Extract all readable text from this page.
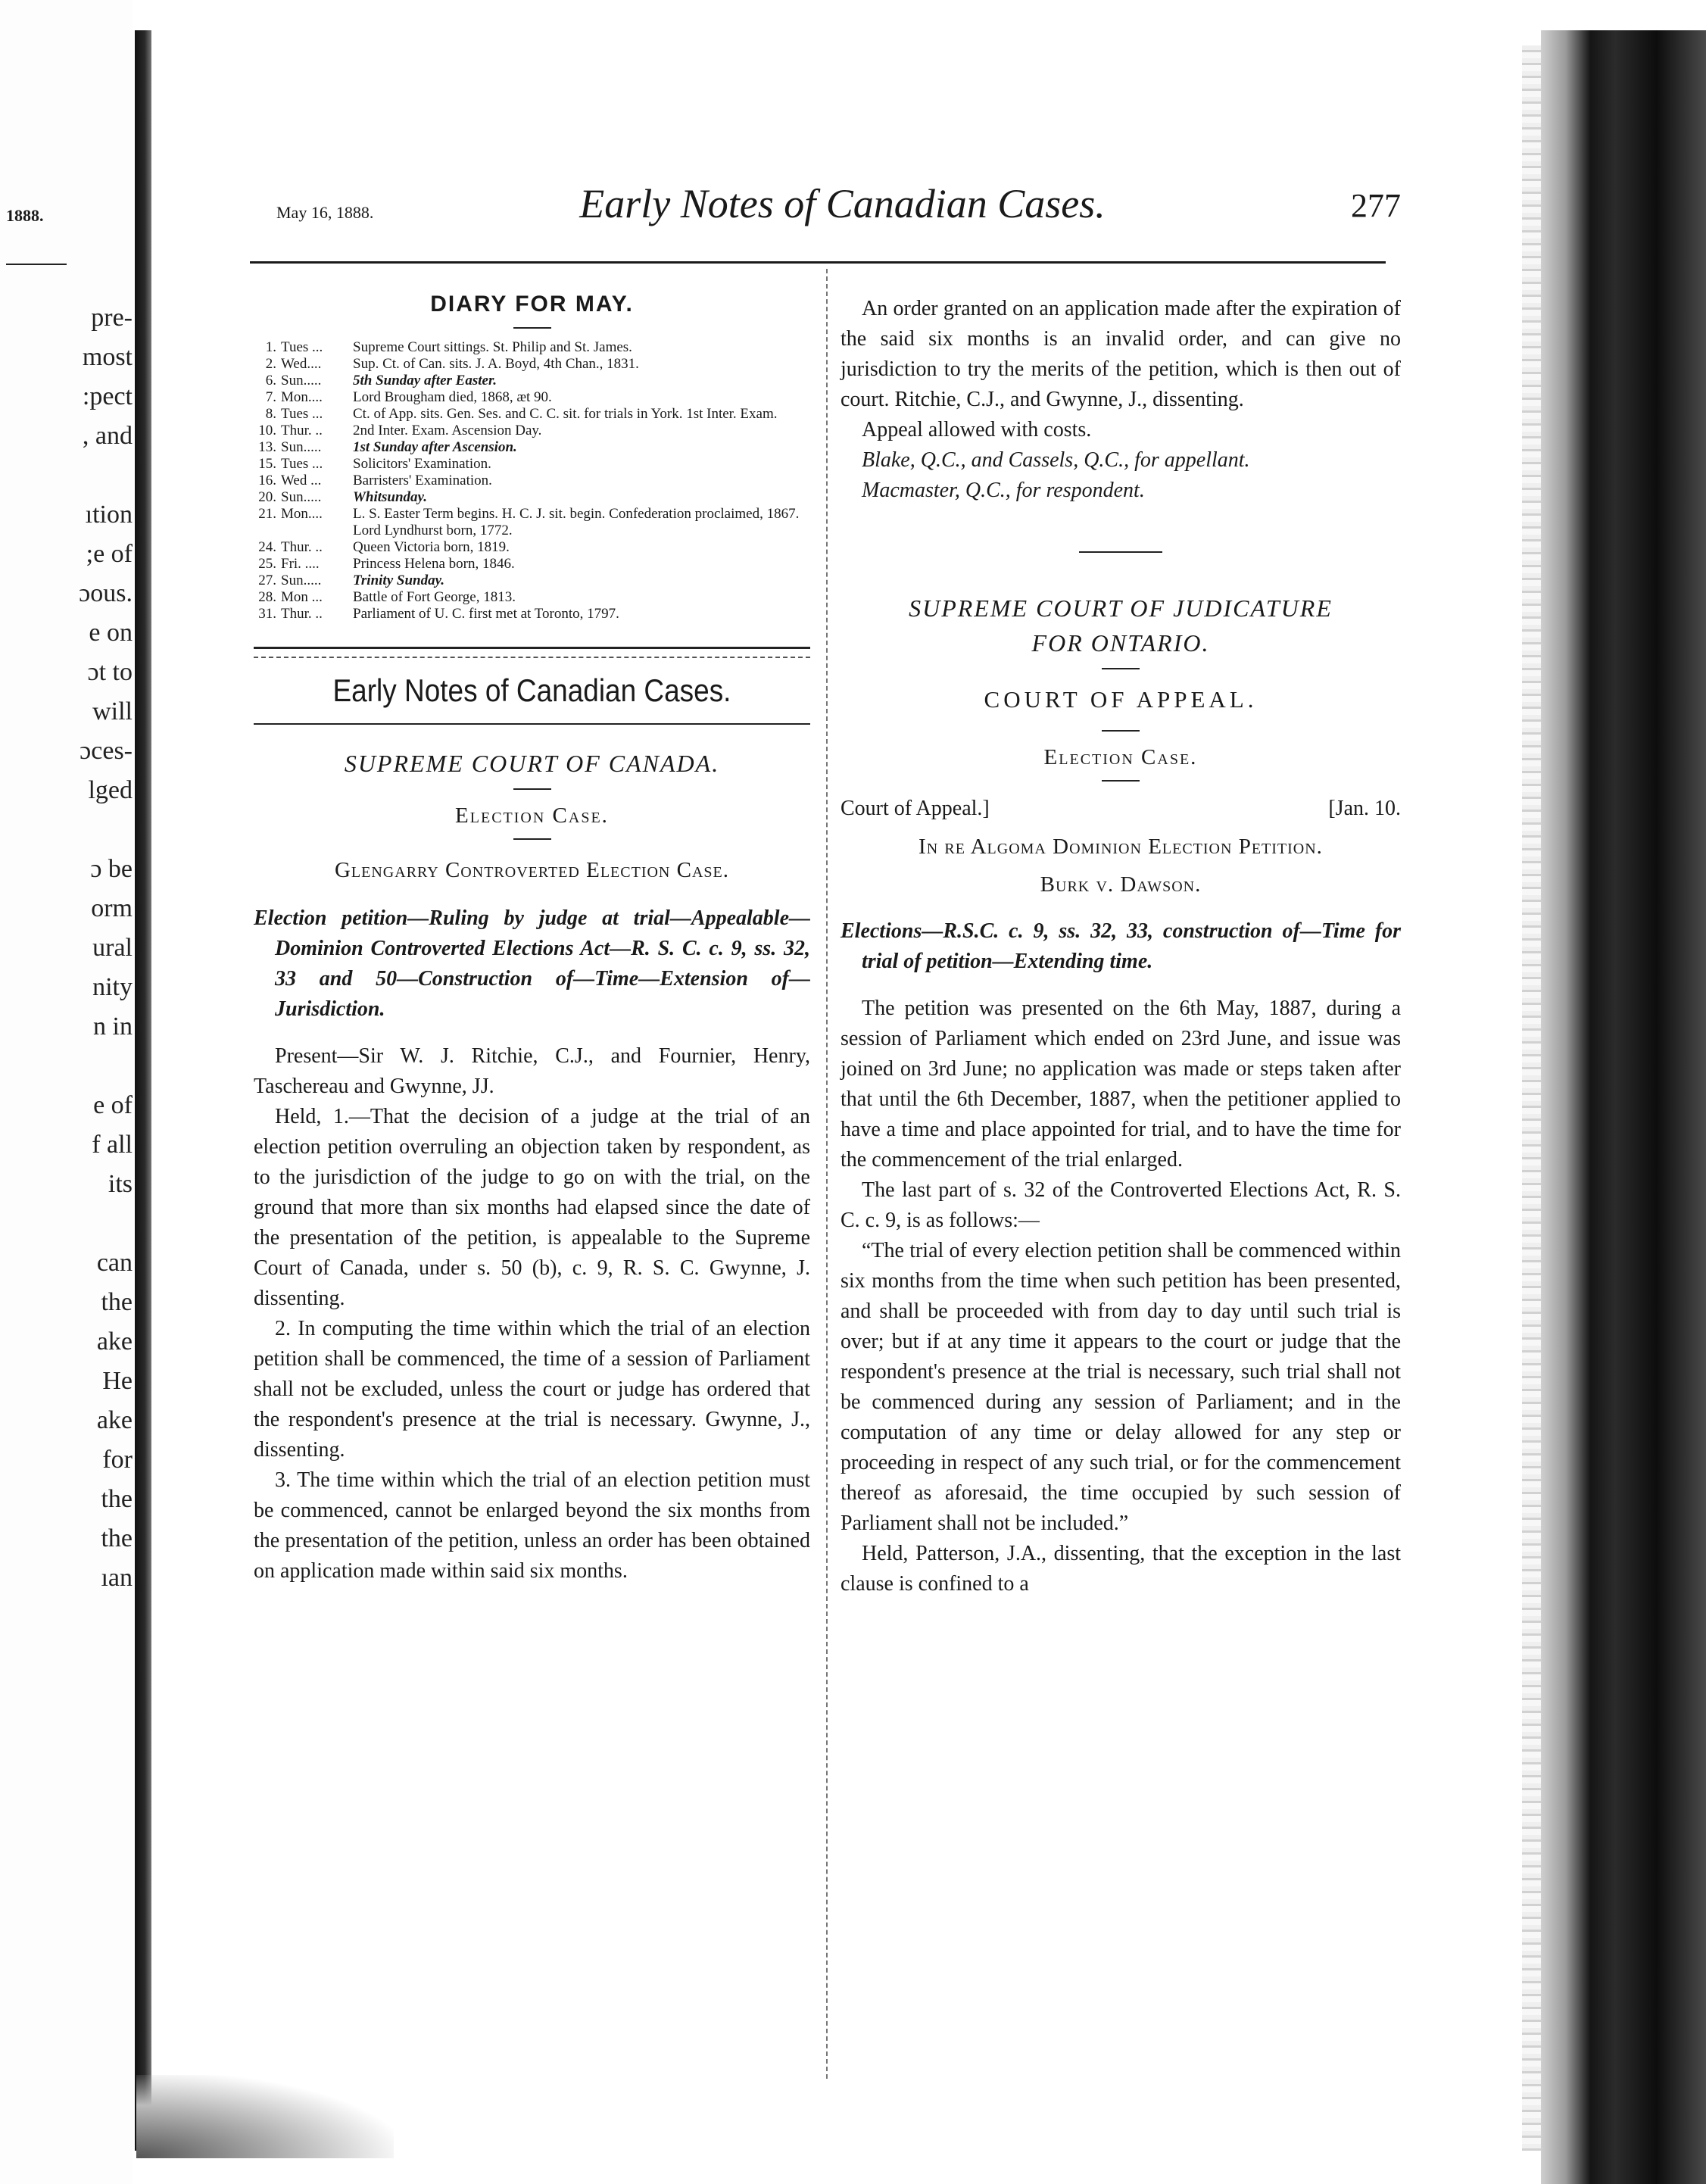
1888.
pre-
most
:pect
, and
ıtion
;e of
ɔous.
e on
ɔt to
will
ɔces-
lged
ɔ be
orm
ural
nity
n in
e of
f all
its
can
the
ake
He
ake
for
the
the
ıan
May 16, 1888.	Early Notes of Canadian Cases.	277
DIARY FOR MAY.
1. Tues ...	Supreme Court sittings. St. Philip and St. James.
2. Wed....	Sup. Ct. of Can. sits. J. A. Boyd, 4th Chan., 1831.
6. Sun.....	5th Sunday after Easter.
7. Mon....	Lord Brougham died, 1868, æt 90.
8. Tues ...	Ct. of App. sits. Gen. Ses. and C. C. sit. for trials in York. 1st Inter. Exam.
10. Thur. ..	2nd Inter. Exam. Ascension Day.
13. Sun.....	1st Sunday after Ascension.
15. Tues ...	Solicitors' Examination.
16. Wed ...	Barristers' Examination.
20. Sun.....	Whitsunday.
21. Mon....	L. S. Easter Term begins. H. C. J. sit. begin. Confederation proclaimed, 1867. Lord Lyndhurst born, 1772.
24. Thur. ..	Queen Victoria born, 1819.
25. Fri. ....	Princess Helena born, 1846.
27. Sun.....	Trinity Sunday.
28. Mon ...	Battle of Fort George, 1813.
31. Thur. ..	Parliament of U. C. first met at Toronto, 1797.
Early Notes of Canadian Cases.
SUPREME COURT OF CANADA.
Election Case.
Glengarry Controverted Election Case.

Election petition—Ruling by judge at trial—Appealable—Dominion Controverted Elections Act—R. S. C. c. 9, ss. 32, 33 and 50—Construction of—Time—Extension of—Jurisdiction.

Present—Sir W. J. Ritchie, C.J., and Fournier, Henry, Taschereau and Gwynne, JJ.

Held, 1.—That the decision of a judge at the trial of an election petition overruling an objection taken by respondent, as to the jurisdiction of the judge to go on with the trial, on the ground that more than six months had elapsed since the date of the presentation of the petition, is appealable to the Supreme Court of Canada, under s. 50 (b), c. 9, R. S. C. Gwynne, J. dissenting.

2. In computing the time within which the trial of an election petition shall be commenced, the time of a session of Parliament shall not be excluded, unless the court or judge has ordered that the respondent's presence at the trial is necessary. Gwynne, J., dissenting.

3. The time within which the trial of an election petition must be commenced, cannot be enlarged beyond the six months from the presentation of the petition, unless an order has been obtained on application made within said six months.

An order granted on an application made after the expiration of the said six months is an invalid order, and can give no jurisdiction to try the merits of the petition, which is then out of court. Ritchie, C.J., and Gwynne, J., dissenting.

Appeal allowed with costs.

Blake, Q.C., and Cassels, Q.C., for appellant.

Macmaster, Q.C., for respondent.

SUPREME COURT OF JUDICATURE
FOR ONTARIO.
COURT OF APPEAL.
Election Case.
Court of Appeal.]	[Jan. 10.
In re Algoma Dominion Election Petition.
Burk v. Dawson.

Elections—R.S.C. c. 9, ss. 32, 33, construction of—Time for trial of petition—Extending time.

The petition was presented on the 6th May, 1887, during a session of Parliament which ended on 23rd June, and issue was joined on 3rd June; no application was made or steps taken after that until the 6th December, 1887, when the petitioner applied to have a time and place appointed for trial, and to have the time for the commencement of the trial enlarged.

The last part of s. 32 of the Controverted Elections Act, R. S. C. c. 9, is as follows:—

“The trial of every election petition shall be commenced within six months from the time when such petition has been presented, and shall be proceeded with from day to day until such trial is over; but if at any time it appears to the court or judge that the respondent's presence at the trial is necessary, such trial shall not be commenced during any session of Parliament; and in the computation of any time or delay allowed for any step or proceeding in respect of any such trial, or for the commencement thereof as aforesaid, the time occupied by such session of Parliament shall not be included.”

Held, Patterson, J.A., dissenting, that the exception in the last clause is confined to a
